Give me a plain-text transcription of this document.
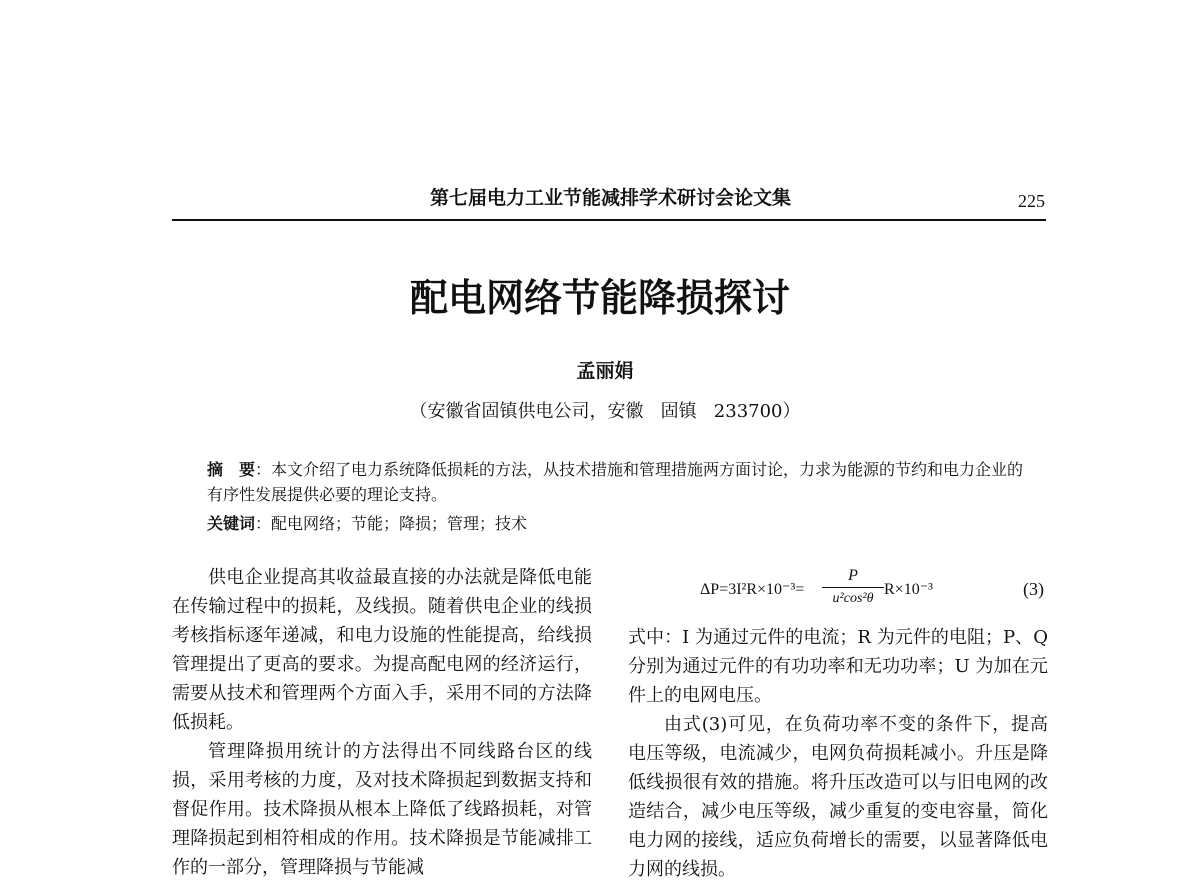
第七届电力工业节能减排学术研讨会论文集	225
配电网络节能降损探讨
孟丽娟
（安徽省固镇供电公司，安徽   固镇   233700）
摘　要：本文介绍了电力系统降低损耗的方法，从技术措施和管理措施两方面讨论，力求为能源的节约和电力企业的有序性发展提供必要的理论支持。
关键词：配电网络；节能；降损；管理；技术

供电企业提高其收益最直接的办法就是降低电能在传输过程中的损耗，及线损。随着供电企业的线损考核指标逐年递减，和电力设施的性能提高，给线损管理提出了更高的要求。为提高配电网的经济运行，需要从技术和管理两个方面入手，采用不同的方法降低损耗。

管理降损用统计的方法得出不同线路台区的线损，采用考核的力度，及对技术降损起到数据支持和督促作用。技术降损从根本上降低了线路损耗，对管理降损起到相符相成的作用。技术降损是节能减排工作的一部分，管理降损与节能减

ΔP=3I²R×10⁻³=
P
u²cos²θ
R×10⁻³	(3)

式中：I 为通过元件的电流；R 为元件的电阻；P、Q 分别为通过元件的有功功率和无功功率；U 为加在元件上的电网电压。

由式(3)可见，在负荷功率不变的条件下，提高电压等级，电流减少，电网负荷损耗减小。升压是降低线损很有效的措施。将升压改造可以与旧电网的改造结合，减少电压等级，减少重复的变电容量，简化电力网的接线，适应负荷增长的需要，以显著降低电力网的线损。
